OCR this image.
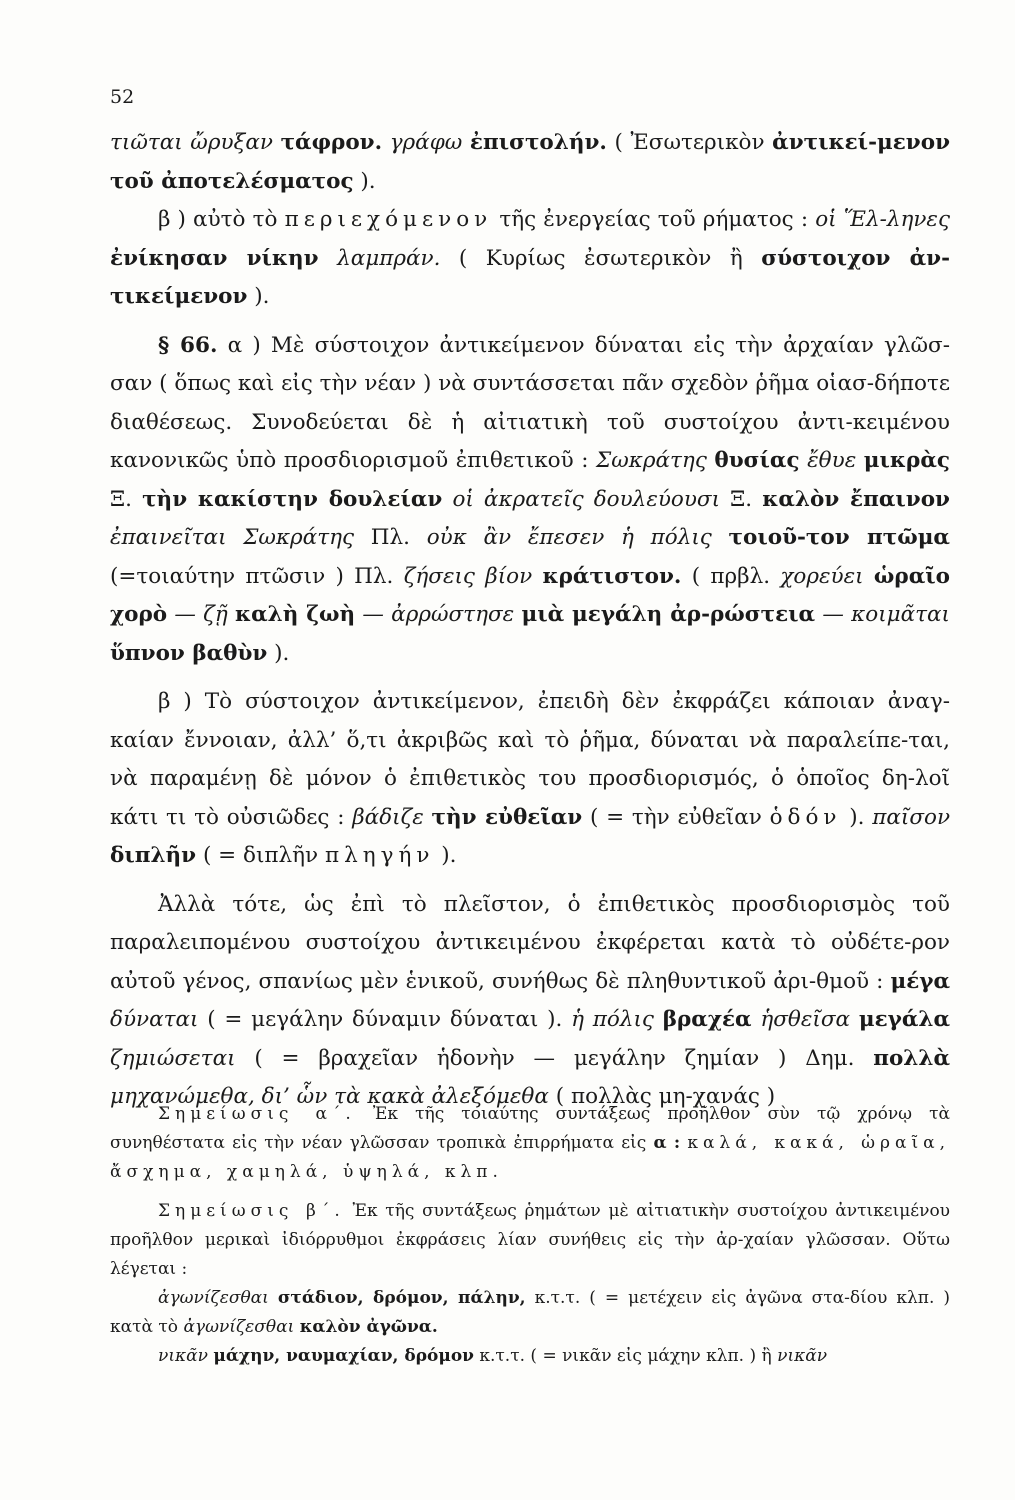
52

τιῶται ὤρυξαν τάφρον. γράφω ἐπιστολήν. ( Ἐσωτερικὸν ἀντικεί-μενον τοῦ ἀποτελέσματος ).

β ) αὐτὸ τὸ περιεχόμενον τῆς ἐνεργείας τοῦ ρήματος : οἱ Ἕλ-ληνες ἐνίκησαν νίκην λαμπράν. ( Κυρίως ἐσωτερικὸν ἢ σύστοιχον ἀν-τικείμενον ).

§ 66. α ) Μὲ σύστοιχον ἀντικείμενον δύναται εἰς τὴν ἀρχαίαν γλῶσ-σαν ( ὅπως καὶ εἰς τὴν νέαν ) νὰ συντάσσεται πᾶν σχεδὸν ῥῆμα οἱασ-δήποτε διαθέσεως. Συνοδεύεται δὲ ἡ αἰτιατικὴ τοῦ συστοίχου ἀντι-κειμένου κανονικῶς ὑπὸ προσδιορισμοῦ ἐπιθετικοῦ : Σωκράτης θυσίας ἔθυε μικρὰς Ξ. τὴν κακίστην δουλείαν οἱ ἀκρατεῖς δουλεύουσι Ξ. καλὸν ἔπαινον ἐπαινεῖται Σωκράτης Πλ. οὐκ ἂν ἔπεσεν ἡ πόλις τοιοῦ-τον πτῶμα (=τοιαύτην πτῶσιν ) Πλ. ζήσεις βίον κράτιστον. ( πρβλ. χορεύει ὡραῖο χορὸ — ζῇ καλὴ ζωὴ — ἀρρώστησε μιὰ μεγάλη ἀρ-ρώστεια — κοιμᾶται ὕπνον βαθὺν ).

β ) Τὸ σύστοιχον ἀντικείμενον, ἐπειδὴ δὲν ἐκφράζει κάποιαν ἀναγ-καίαν ἔννοιαν, ἀλλ’ ὅ,τι ἀκριβῶς καὶ τὸ ῥῆμα, δύναται νὰ παραλείπε-ται, νὰ παραμένῃ δὲ μόνον ὁ ἐπιθετικὸς του προσδιορισμός, ὁ ὁποῖος δη-λοῖ κάτι τι τὸ οὐσιῶδες : βάδιζε τὴν εὐθεῖαν ( = τὴν εὐθεῖαν ὁδόν ). παῖσον διπλῆν ( = διπλῆν πληγήν ).

Ἀλλὰ τότε, ὡς ἐπὶ τὸ πλεῖστον, ὁ ἐπιθετικὸς προσδιορισμὸς τοῦ παραλειπομένου συστοίχου ἀντικειμένου ἐκφέρεται κατὰ τὸ οὐδέτε-ρον αὐτοῦ γένος, σπανίως μὲν ἑνικοῦ, συνήθως δὲ πληθυντικοῦ ἀρι-θμοῦ : μέγα δύναται ( = μεγάλην δύναμιν δύναται ). ἡ πόλις βραχέα ἡσθεῖσα μεγάλα ζημιώσεται ( = βραχεῖαν ἡδονὴν — μεγάλην ζημίαν ) Δημ. πολλὰ μηχανώμεθα, δι’ ὧν τὰ κακὰ ἀλεξόμεθα ( πολλὰς μη-χανάς )

Σημείωσις α΄. Ἐκ τῆς τοιαύτης συντάξεως προῆλθον σὺν τῷ χρόνῳ τὰ συνηθέστατα εἰς τὴν νέαν γλῶσσαν τροπικὰ ἐπιρρήματα εἰς α : καλά, κακά, ὡραῖα, ἄσχημα, χαμηλά, ὑψηλά, κλπ.

Σημείωσις β΄. Ἐκ τῆς συντάξεως ῥημάτων μὲ αἰτιατικὴν συστοίχου ἀντικειμένου προῆλθον μερικαὶ ἰδιόρρυθμοι ἐκφράσεις λίαν συνήθεις εἰς τὴν ἀρ-χαίαν γλῶσσαν. Οὕτω λέγεται :

ἀγωνίζεσθαι στάδιον, δρόμον, πάλην, κ.τ.τ. ( = μετέχειν εἰς ἀγῶνα στα-δίου κλπ. ) κατὰ τὸ ἀγωνίζεσθαι καλὸν ἀγῶνα.

νικᾶν μάχην, ναυμαχίαν, δρόμον κ.τ.τ. ( = νικᾶν εἰς μάχην κλπ. ) ἢ νικᾶν
